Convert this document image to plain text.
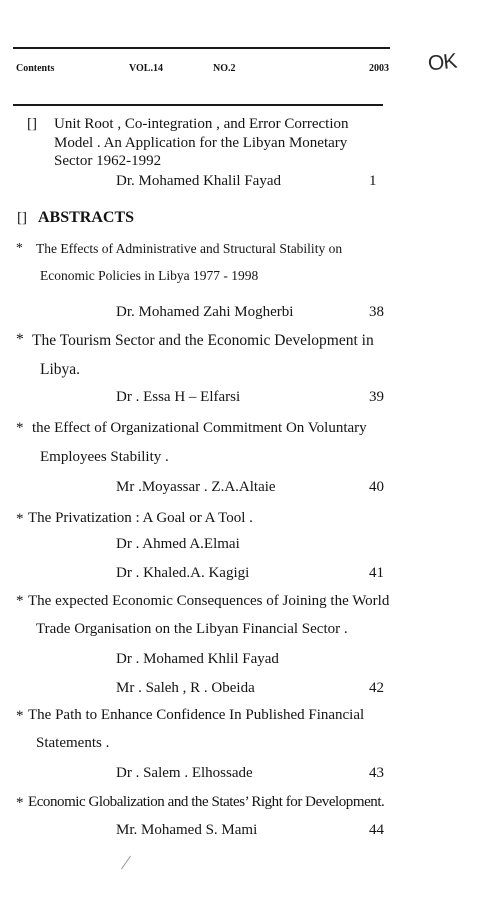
Contents	VOL.14	NO.2	2003 OK
[] Unit Root , Co-integration , and Error Correction
Model . An Application for the Libyan Monetary
Sector 1962-1992
Dr. Mohamed Khalil Fayad	1
[] ABSTRACTS
* The Effects of Administrative and Structural Stability on
Economic Policies in Libya 1977 - 1998
Dr. Mohamed Zahi Mogherbi	38
* The Tourism Sector and the Economic Development in
Libya.
Dr . Essa H – Elfarsi	39
* the Effect of Organizational Commitment On Voluntary
Employees Stability .
Mr .Moyassar . Z.A.Altaie	40
* The Privatization : A Goal or A Tool .
Dr . Ahmed A.Elmai
Dr . Khaled.A. Kagigi	41
* The expected Economic Consequences of Joining the World
Trade Organisation on the Libyan Financial Sector .
Dr . Mohamed Khlil Fayad
Mr . Saleh , R . Obeida	42
* The Path to Enhance Confidence In Published Financial
Statements .
Dr . Salem . Elhossade	43
* Economic Globalization and the States’ Right for Development.
Mr. Mohamed S. Mami	44
